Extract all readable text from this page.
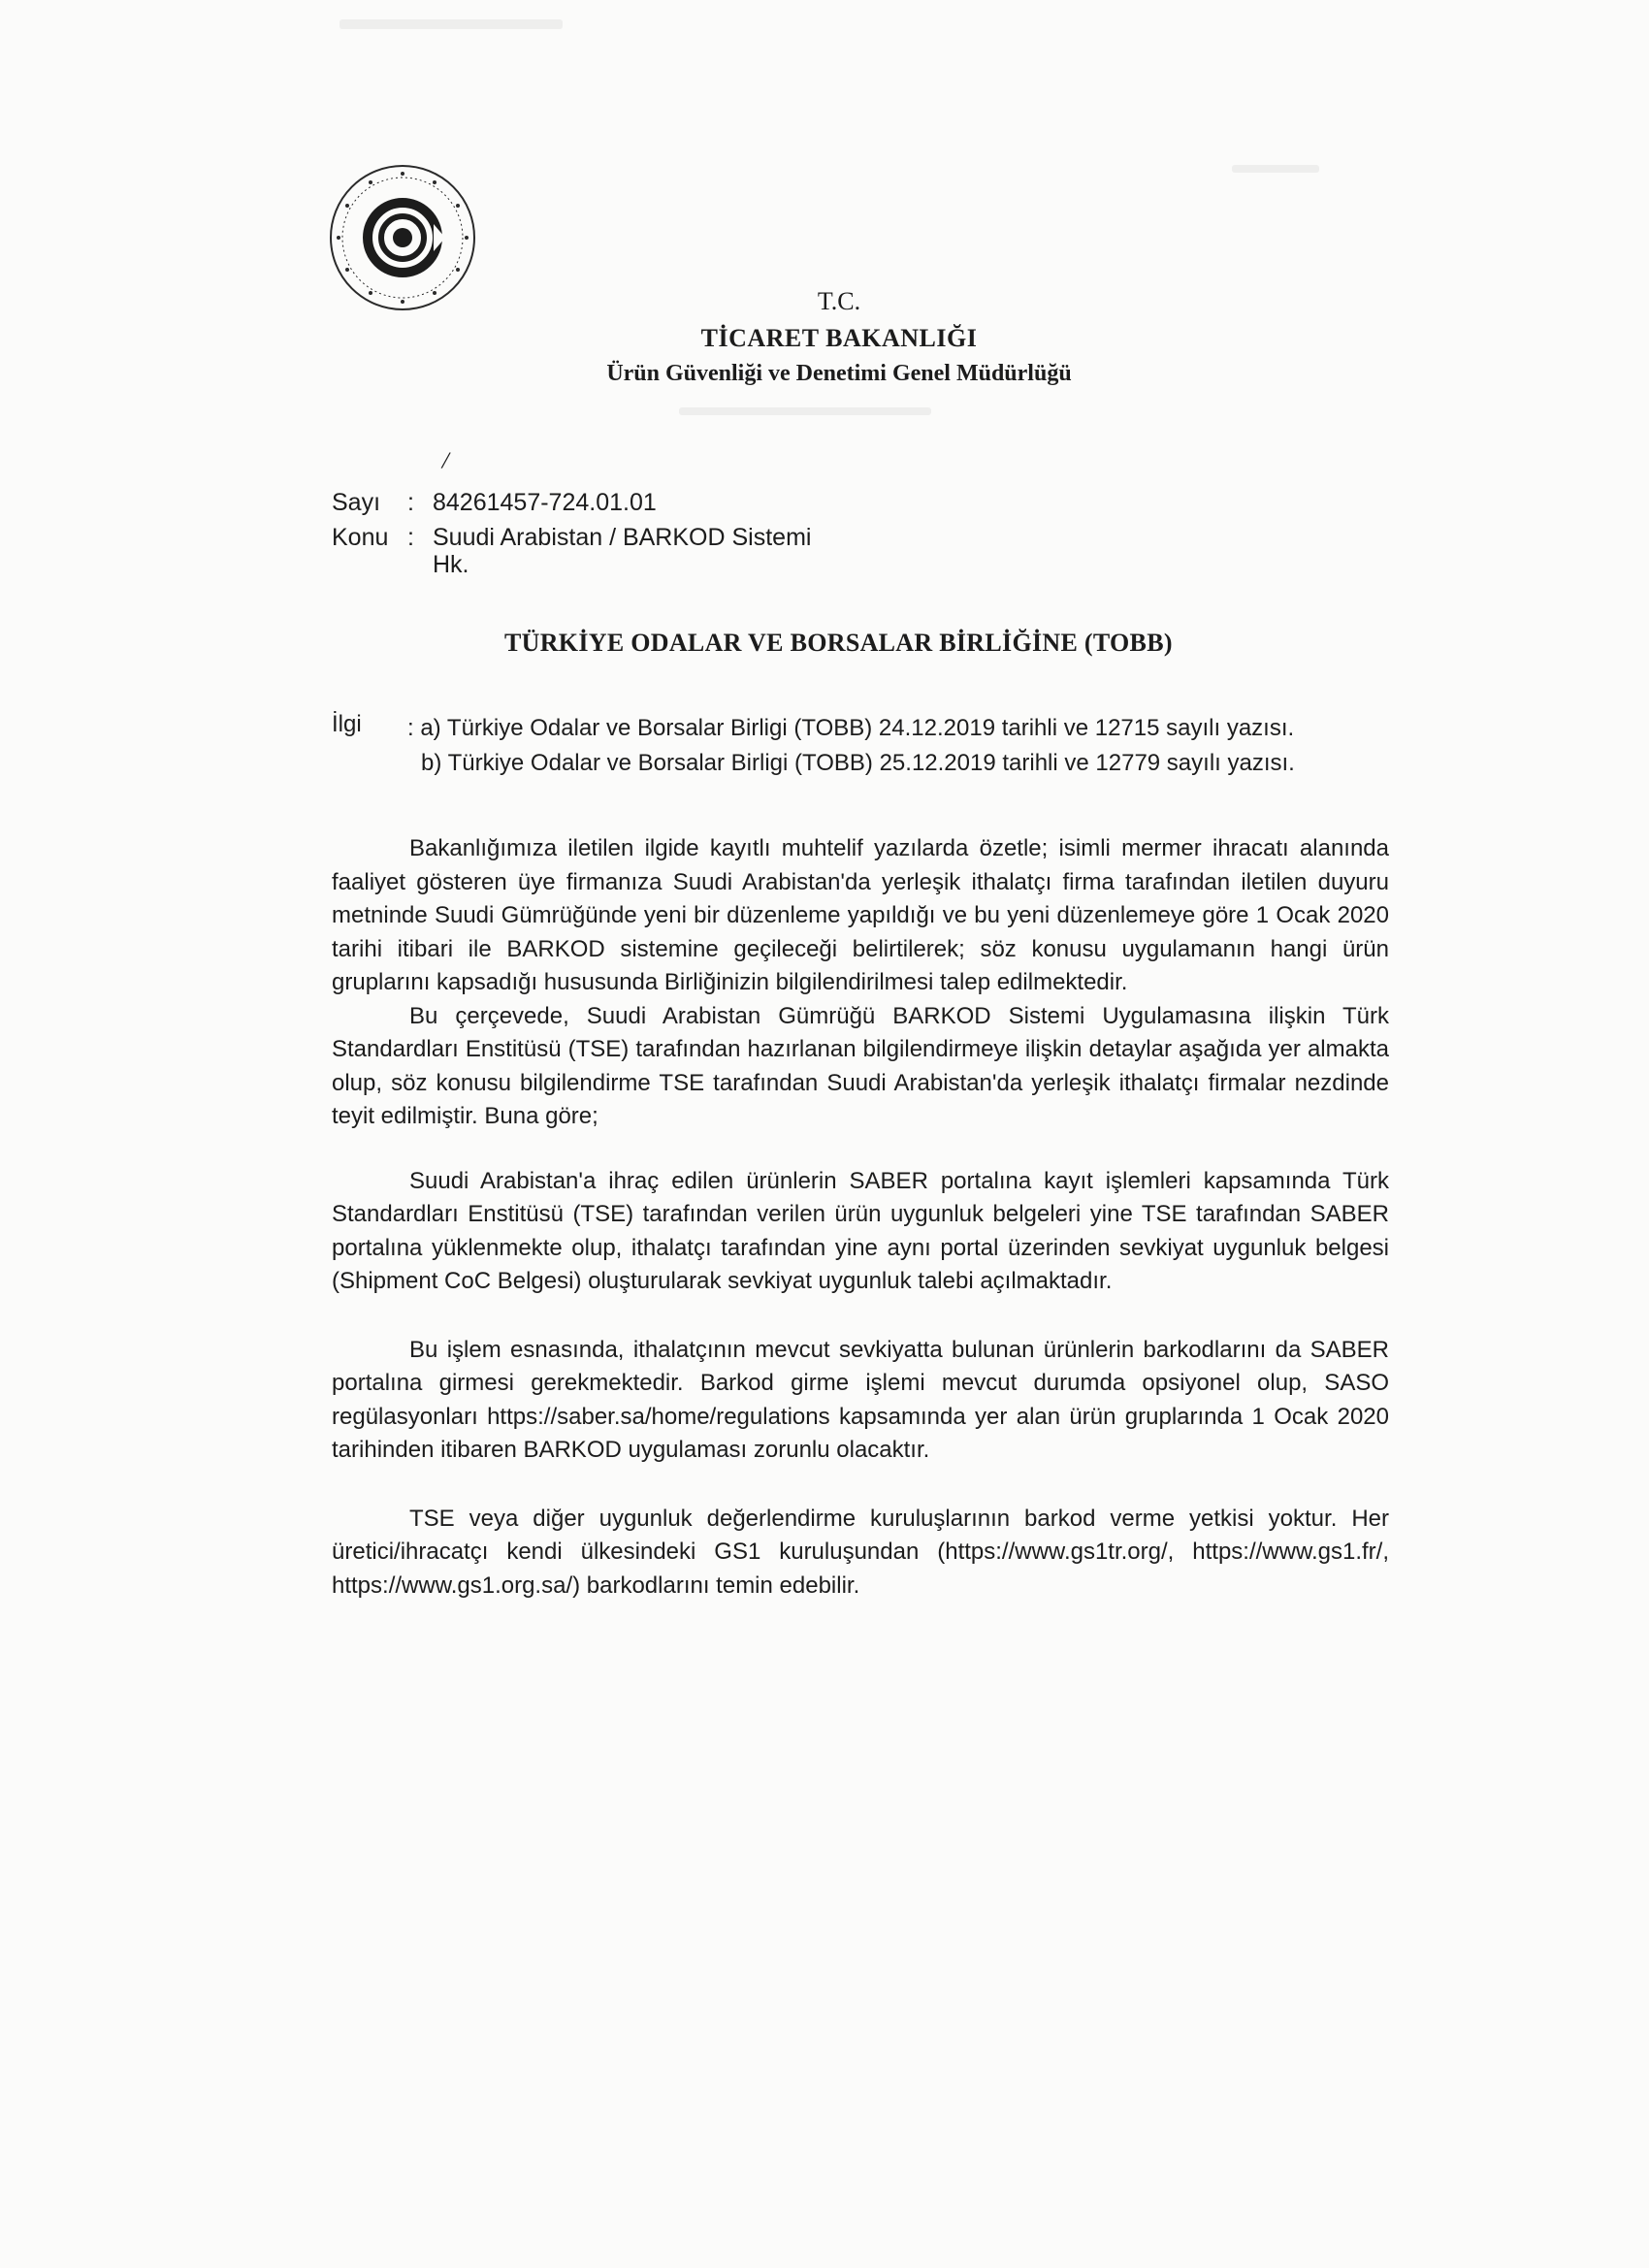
T.C.
TİCARET BAKANLIĞI
Ürün Güvenliği ve Denetimi Genel Müdürlüğü
/
Sayı	: 84261457-724.01.01
Konu : Suudi Arabistan / BARKOD Sistemi
Hk.
TÜRKİYE ODALAR VE BORSALAR BİRLİĞİNE (TOBB)
İlgi	: a) Türkiye Odalar ve Borsalar Birligi (TOBB) 24.12.2019 tarihli ve 12715 sayılı yazısı.
b) Türkiye Odalar ve Borsalar Birligi (TOBB) 25.12.2019 tarihli ve 12779 sayılı yazısı.

Bakanlığımıza iletilen ilgide kayıtlı muhtelif yazılarda özetle; isimli mermer ihracatı alanında faaliyet gösteren üye firmanıza Suudi Arabistan'da yerleşik ithalatçı firma tarafından iletilen duyuru metninde Suudi Gümrüğünde yeni bir düzenleme yapıldığı ve bu yeni düzenlemeye göre 1 Ocak 2020 tarihi itibari ile BARKOD sistemine geçileceği belirtilerek; söz konusu uygulamanın hangi ürün gruplarını kapsadığı hususunda Birliğinizin bilgilendirilmesi talep edilmektedir.

Bu çerçevede, Suudi Arabistan Gümrüğü BARKOD Sistemi Uygulamasına ilişkin Türk Standardları Enstitüsü (TSE) tarafından hazırlanan bilgilendirmeye ilişkin detaylar aşağıda yer almakta olup, söz konusu bilgilendirme TSE tarafından Suudi Arabistan'da yerleşik ithalatçı firmalar nezdinde teyit edilmiştir. Buna göre;

Suudi Arabistan'a ihraç edilen ürünlerin SABER portalına kayıt işlemleri kapsamında Türk Standardları Enstitüsü (TSE) tarafından verilen ürün uygunluk belgeleri yine TSE tarafından SABER portalına yüklenmekte olup, ithalatçı tarafından yine aynı portal üzerinden sevkiyat uygunluk belgesi (Shipment CoC Belgesi) oluşturularak sevkiyat uygunluk talebi açılmaktadır.

Bu işlem esnasında, ithalatçının mevcut sevkiyatta bulunan ürünlerin barkodlarını da SABER portalına girmesi gerekmektedir. Barkod girme işlemi mevcut durumda opsiyonel olup, SASO regülasyonları https://saber.sa/home/regulations kapsamında yer alan ürün gruplarında 1 Ocak 2020 tarihinden itibaren BARKOD uygulaması zorunlu olacaktır.

TSE veya diğer uygunluk değerlendirme kuruluşlarının barkod verme yetkisi yoktur. Her üretici/ihracatçı kendi ülkesindeki GS1 kuruluşundan (https://www.gs1tr.org/, https://www.gs1.fr/, https://www.gs1.org.sa/) barkodlarını temin edebilir.
